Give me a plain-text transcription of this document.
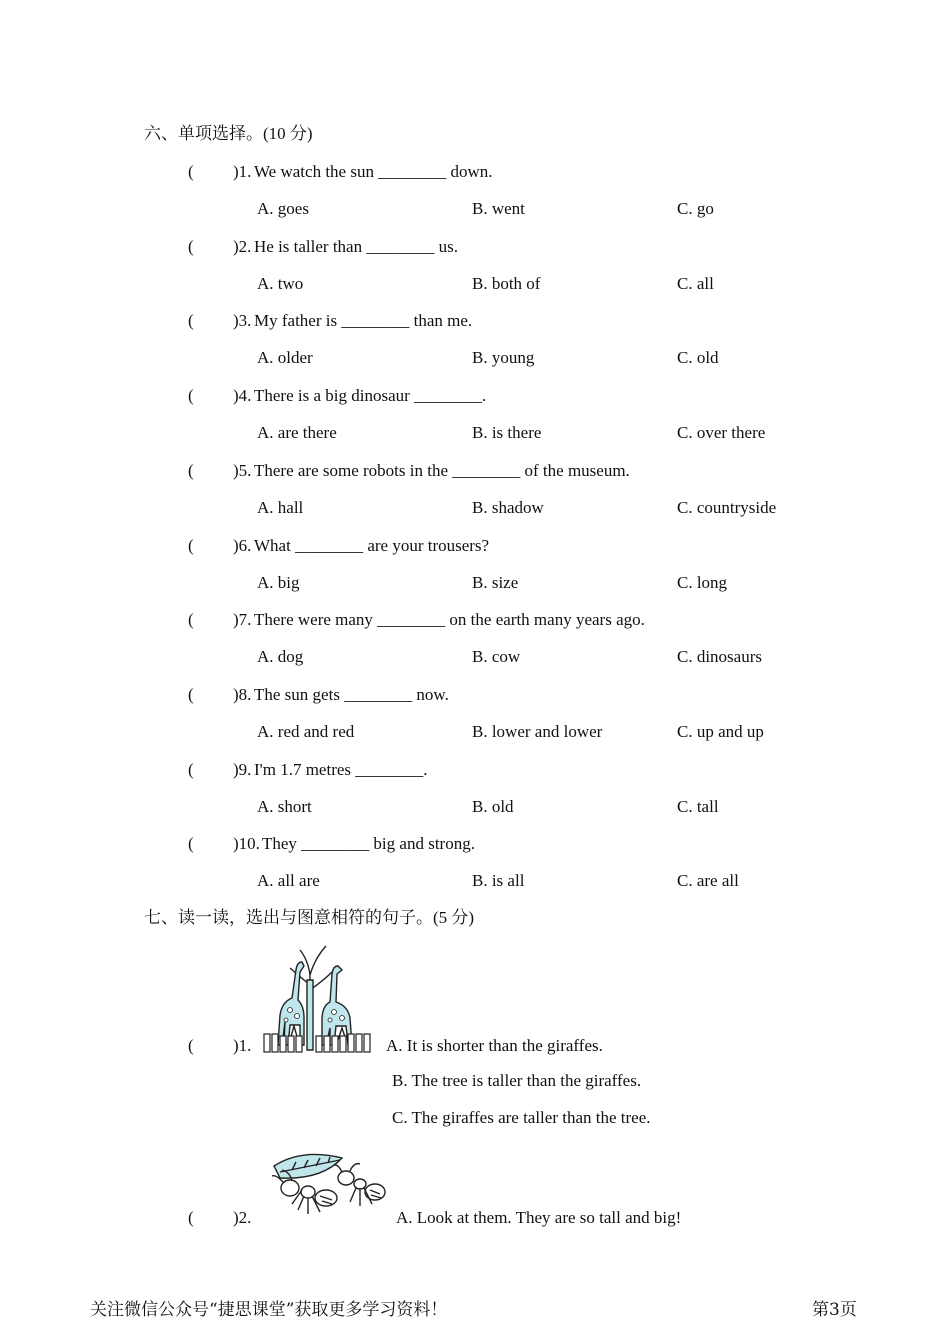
六、单项选择。(10 分)
( )1. We watch the sun ________ down.
A. goes	B. went	C. go
( )2. He is taller than ________ us.
A. two	B. both of	C. all
( )3. My father is ________ than me.
A. older	B. young	C. old
( )4. There is a big dinosaur ________.
A. are there	B. is there	C. over there
( )5. There are some robots in the ________ of the museum.
A. hall	B. shadow	C. countryside
( )6. What ________ are your trousers?
A. big	B. size	C. long
( )7. There were many ________ on the earth many years ago.
A. dog	B. cow	C. dinosaurs
( )8. The sun gets ________ now.
A. red and red	B. lower and lower	C. up and up
( )9. I'm 1.7 metres ________.
A. short	B. old	C. tall
( )10. They ________ big and strong.
A. all are	B. is all	C. are all
七、读一读，选出与图意相符的句子。(5 分)
( )1.	A. It is shorter than the giraffes.
B. The tree is taller than the giraffes.
C. The giraffes are taller than the tree.
( )2.	A. Look at them. They are so tall and big!
关注微信公众号“捷思课堂”获取更多学习资料！	第3页
